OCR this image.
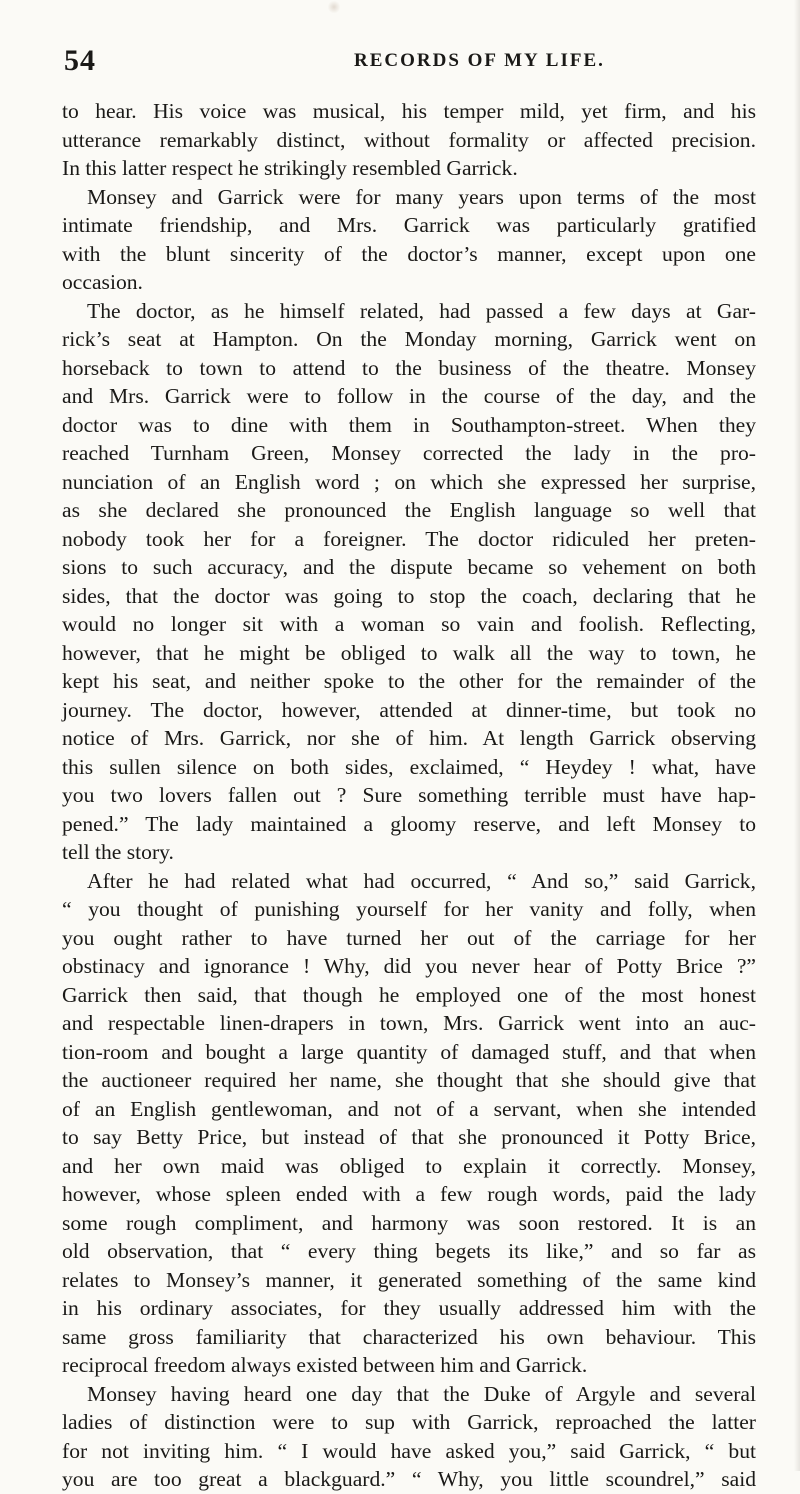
54	RECORDS OF MY LIFE.
to hear. His voice was musical, his temper mild, yet firm, and his
utterance remarkably distinct, without formality or affected precision.
In this latter respect he strikingly resembled Garrick.
Monsey and Garrick were for many years upon terms of the most
intimate friendship, and Mrs. Garrick was particularly gratified
with the blunt sincerity of the doctor’s manner, except upon one
occasion.
The doctor, as he himself related, had passed a few days at Gar-
rick’s seat at Hampton. On the Monday morning, Garrick went on
horseback to town to attend to the business of the theatre. Monsey
and Mrs. Garrick were to follow in the course of the day, and the
doctor was to dine with them in Southampton-street. When they
reached Turnham Green, Monsey corrected the lady in the pro-
nunciation of an English word ; on which she expressed her surprise,
as she declared she pronounced the English language so well that
nobody took her for a foreigner. The doctor ridiculed her preten-
sions to such accuracy, and the dispute became so vehement on both
sides, that the doctor was going to stop the coach, declaring that he
would no longer sit with a woman so vain and foolish. Reflecting,
however, that he might be obliged to walk all the way to town, he
kept his seat, and neither spoke to the other for the remainder of the
journey. The doctor, however, attended at dinner-time, but took no
notice of Mrs. Garrick, nor she of him. At length Garrick observing
this sullen silence on both sides, exclaimed, “ Heydey ! what, have
you two lovers fallen out ? Sure something terrible must have hap-
pened.” The lady maintained a gloomy reserve, and left Monsey to
tell the story.
After he had related what had occurred, “ And so,” said Garrick,
“ you thought of punishing yourself for her vanity and folly, when
you ought rather to have turned her out of the carriage for her
obstinacy and ignorance ! Why, did you never hear of Potty Brice ?”
Garrick then said, that though he employed one of the most honest
and respectable linen-drapers in town, Mrs. Garrick went into an auc-
tion-room and bought a large quantity of damaged stuff, and that when
the auctioneer required her name, she thought that she should give that
of an English gentlewoman, and not of a servant, when she intended
to say Betty Price, but instead of that she pronounced it Potty Brice,
and her own maid was obliged to explain it correctly. Monsey,
however, whose spleen ended with a few rough words, paid the lady
some rough compliment, and harmony was soon restored. It is an
old observation, that “ every thing begets its like,” and so far as
relates to Monsey’s manner, it generated something of the same kind
in his ordinary associates, for they usually addressed him with the
same gross familiarity that characterized his own behaviour. This
reciprocal freedom always existed between him and Garrick.
Monsey having heard one day that the Duke of Argyle and several
ladies of distinction were to sup with Garrick, reproached the latter
for not inviting him. “ I would have asked you,” said Garrick, “ but
you are too great a blackguard.” “ Why, you little scoundrel,” said
